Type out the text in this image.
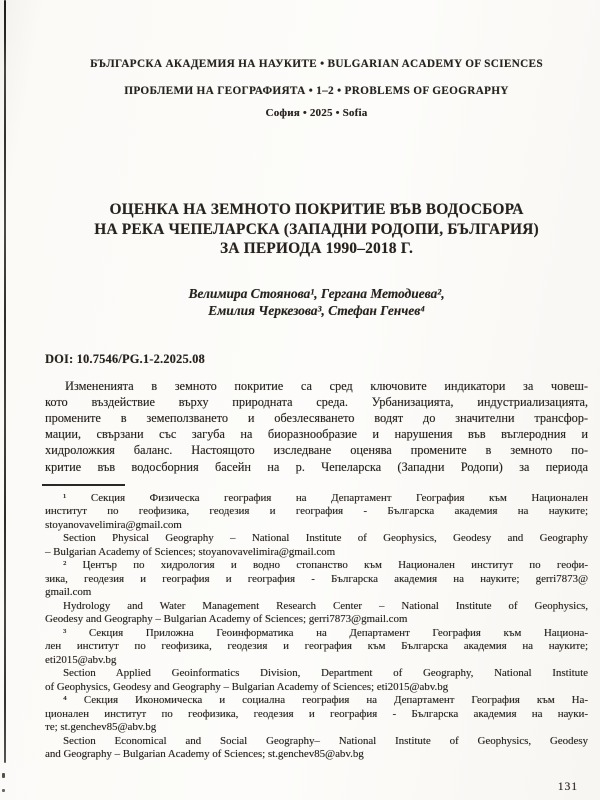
БЪЛГАРСКА АКАДЕМИЯ НА НАУКИТЕ • BULGARIAN ACADEMY OF SCIENCES
ПРОБЛЕМИ НА ГЕОГРАФИЯТА • 1–2 • PROBLEMS OF GEOGRAPHY
София • 2025 • Sofia
ОЦЕНКА НА ЗЕМНОТО ПОКРИТИЕ ВЪВ ВОДОСБОРА
НА РЕКА ЧЕПЕЛАРСКА (ЗАПАДНИ РОДОПИ, БЪЛГАРИЯ)
ЗА ПЕРИОДА 1990–2018 Г.
Велимира Стоянова¹, Гергана Методиева²,
Емилия Черкезова³, Стефан Генчев⁴
DOI: 10.7546/PG.1-2.2025.08
Измененията в земното покритие са сред ключовите индикатори за човеш-
кото въздействие върху природната среда. Урбанизацията, индустриализацията,
промените в земеползването и обезлесяването водят до значителни трансфор-
мации, свързани със загуба на биоразнообразие и нарушения във въглеродния и
хидроложкия баланс. Настоящото изследване оценява промените в земното по-
критие във водосборния басейн на р. Чепеларска (Западни Родопи) за периода
¹ Секция Физическа география на Департамент География към Национален
институт по геофизика, геодезия и география - Българска академия на науките;
stoyanovavelimira@gmail.com
Section Physical Geography – National Institute of Geophysics, Geodesy and Geography
– Bulgarian Academy of Sciences; stoyanovavelimira@gmail.com
² Център по хидрология и водно стопанство към Национален институт по геофи-
зика, геодезия и география и география - Българска академия на науките; gerri7873@
gmail.com
Hydrology and Water Management Research Center – National Institute of Geophysics,
Geodesy and Geography – Bulgarian Academy of Sciences; gerri7873@gmail.com
³ Секция Приложна Геоинформатика на Департамент География към Национа-
лен институт по геофизика, геодезия и география към Българска академия на науките;
eti2015@abv.bg
Section Applied Geoinformatics Division, Department of Geography, National Institute
of Geophysics, Geodesy and Geography – Bulgarian Academy of Sciences; eti2015@abv.bg
⁴ Секция Икономическа и социална география на Департамент География към На-
ционален институт по геофизика, геодезия и география - Българска академия на науки-
те; st.genchev85@abv.bg
Section Economical and Social Geography– National Institute of Geophysics, Geodesy
and Geography – Bulgarian Academy of Sciences; st.genchev85@abv.bg
131
